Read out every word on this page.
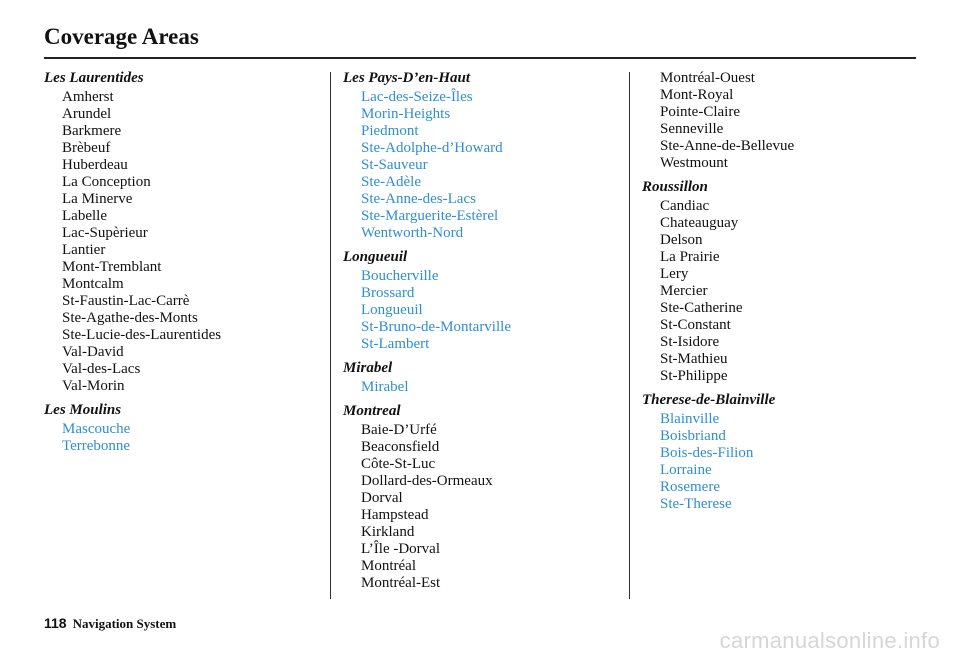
Coverage Areas
Les Laurentides
Amherst
Arundel
Barkmere
Brèbeuf
Huberdeau
La Conception
La Minerve
Labelle
Lac-Supèrieur
Lantier
Mont-Tremblant
Montcalm
St-Faustin-Lac-Carrè
Ste-Agathe-des-Monts
Ste-Lucie-des-Laurentides
Val-David
Val-des-Lacs
Val-Morin
Les Moulins
Mascouche
Terrebonne
Les Pays-D’en-Haut
Lac-des-Seize-Îles
Morin-Heights
Piedmont
Ste-Adolphe-d’Howard
St-Sauveur
Ste-Adèle
Ste-Anne-des-Lacs
Ste-Marguerite-Estèrel
Wentworth-Nord
Longueuil
Boucherville
Brossard
Longueuil
St-Bruno-de-Montarville
St-Lambert
Mirabel
Mirabel
Montreal
Baie-D’Urfé
Beaconsfield
Côte-St-Luc
Dollard-des-Ormeaux
Dorval
Hampstead
Kirkland
L’Île -Dorval
Montréal
Montréal-Est
Montréal-Ouest
Mont-Royal
Pointe-Claire
Senneville
Ste-Anne-de-Bellevue
Westmount
Roussillon
Candiac
Chateauguay
Delson
La Prairie
Lery
Mercier
Ste-Catherine
St-Constant
St-Isidore
St-Mathieu
St-Philippe
Therese-de-Blainville
Blainville
Boisbriand
Bois-des-Filion
Lorraine
Rosemere
Ste-Therese
118 Navigation System
carmanualsonline.info
